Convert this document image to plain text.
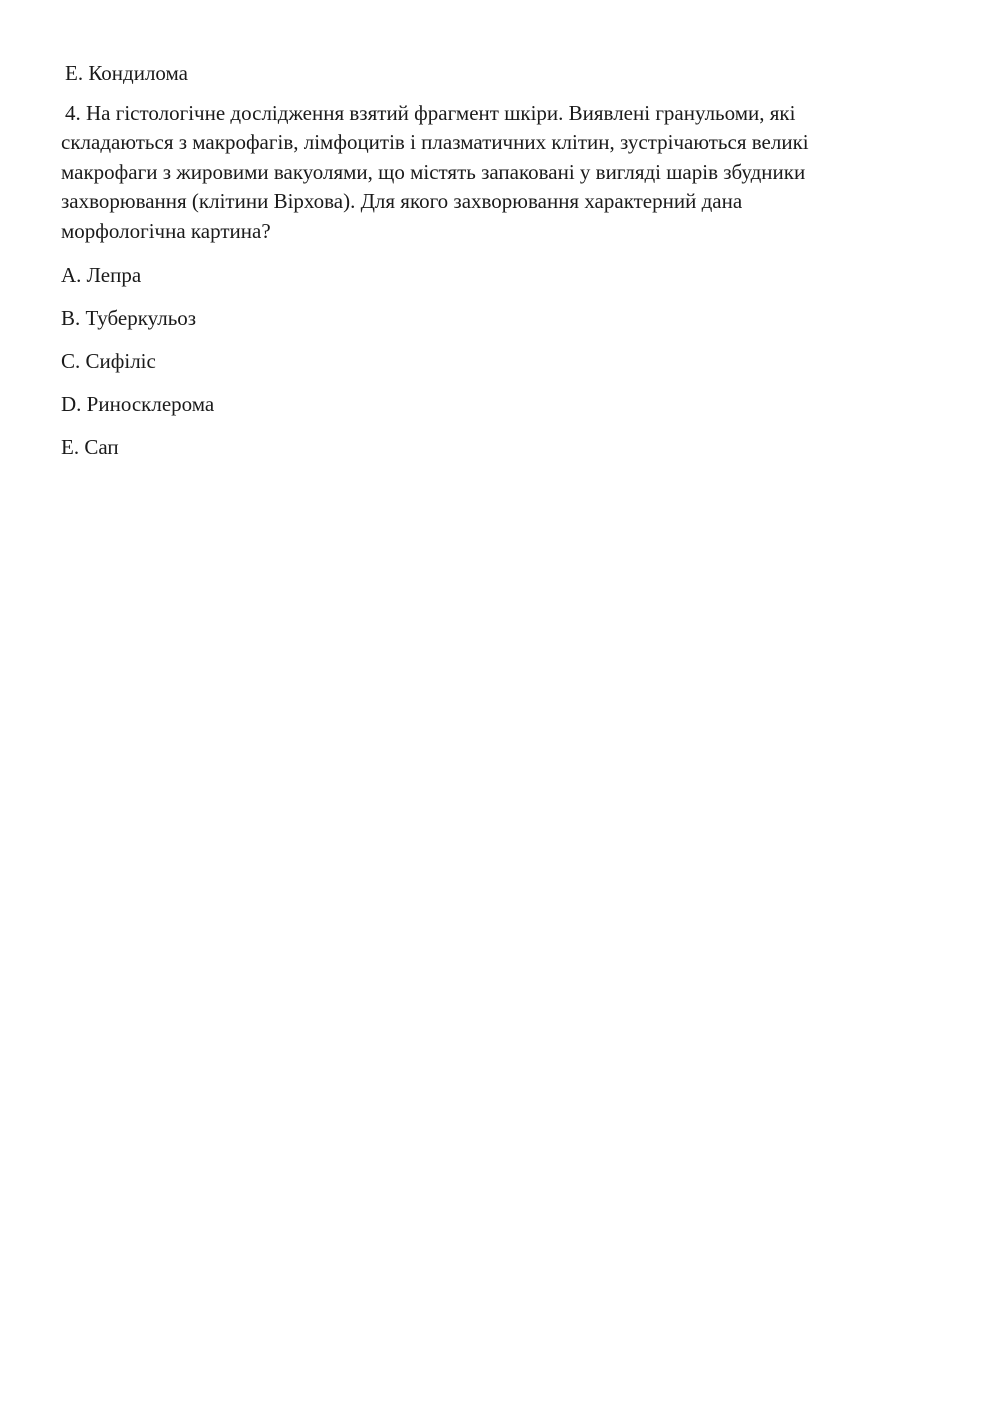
E. Кондилома
4. На гістологічне дослідження взятий фрагмент шкіри. Виявлені гранульоми, які
складаються з макрофагів, лімфоцитів і плазматичних клітин, зустрічаються великі
макрофаги з жировими вакуолями, що містять запаковані у вигляді шарів збудники
захворювання (клітини Вірхова). Для якого захворювання характерний дана
морфологічна картина?
A. Лепра
B. Туберкульоз
C. Сифіліс
D. Риносклерома
E. Сап
